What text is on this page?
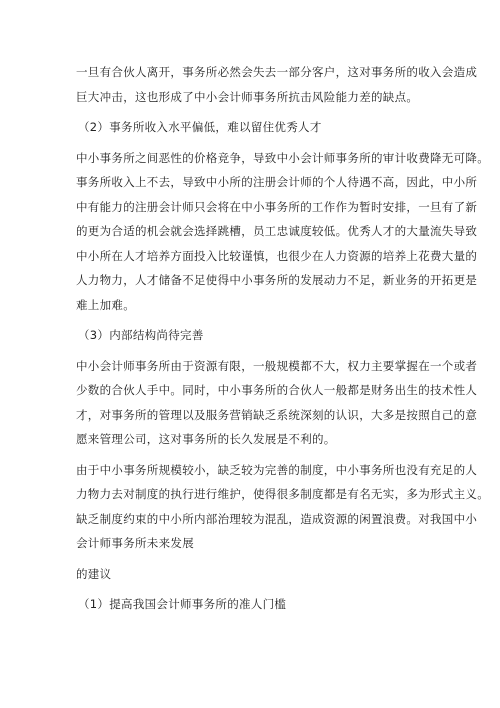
一旦有合伙人离开，事务所必然会失去一部分客户，这对事务所的收入会造成
巨大冲击，这也形成了中小会计师事务所抗击风险能力差的缺点。
（2）事务所收入水平偏低，难以留住优秀人才
中小事务所之间恶性的价格竞争，导致中小会计师事务所的审计收费降无可降。
事务所收入上不去，导致中小所的注册会计师的个人待遇不高，因此，中小所
中有能力的注册会计师只会将在中小事务所的工作作为暂时安排，一旦有了新
的更为合适的机会就会选择跳槽，员工忠诚度较低。优秀人才的大量流失导致
中小所在人才培养方面投入比较谨慎，也很少在人力资源的培养上花费大量的
人力物力，人才储备不足使得中小事务所的发展动力不足，新业务的开拓更是
难上加难。
（3）内部结构尚待完善
中小会计师事务所由于资源有限，一般规模都不大，权力主要掌握在一个或者
少数的合伙人手中。同时，中小事务所的合伙人一般都是财务出生的技术性人
才，对事务所的管理以及服务营销缺乏系统深刻的认识，大多是按照自己的意
愿来管理公司，这对事务所的长久发展是不利的。
由于中小事务所规模较小，缺乏较为完善的制度，中小事务所也没有充足的人
力物力去对制度的执行进行维护，使得很多制度都是有名无实，多为形式主义。
缺乏制度约束的中小所内部治理较为混乱，造成资源的闲置浪费。对我国中小
会计师事务所未来发展
的建议
（1）提高我国会计师事务所的准人门槛
